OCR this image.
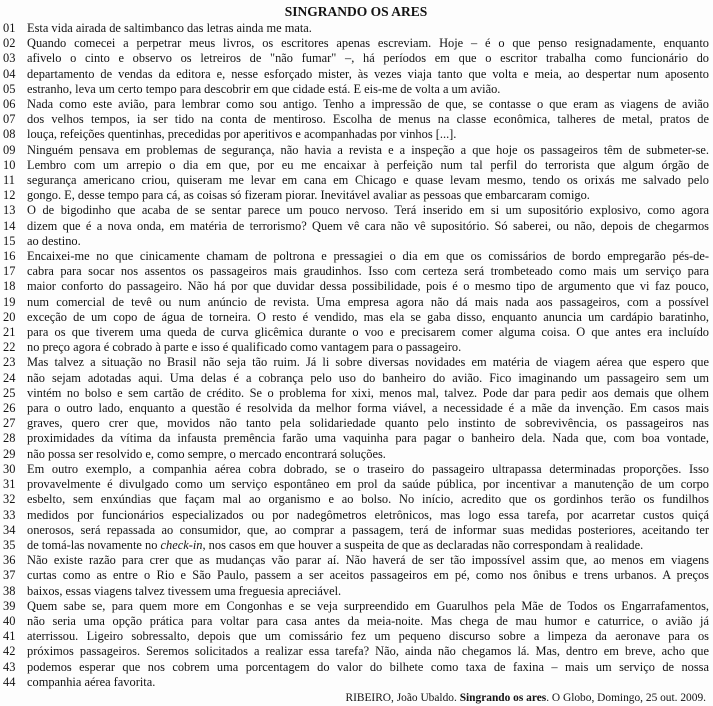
SINGRANDO OS ARES
01 Esta vida airada de saltimbanco das letras ainda me mata.
02 Quando comecei a perpetrar meus livros, os escritores apenas escreviam. Hoje – é o que penso resignadamente, enquanto
03 afivelo o cinto e observo os letreiros de "não fumar" –, há períodos em que o escritor trabalha como funcionário do
04 departamento de vendas da editora e, nesse esforçado mister, às vezes viaja tanto que volta e meia, ao despertar num aposento
05 estranho, leva um certo tempo para descobrir em que cidade está. E eis-me de volta a um avião.
06 Nada como este avião, para lembrar como sou antigo. Tenho a impressão de que, se contasse o que eram as viagens de avião
07 dos velhos tempos, ia ser tido na conta de mentiroso. Escolha de menus na classe econômica, talheres de metal, pratos de
08 louça, refeições quentinhas, precedidas por aperitivos e acompanhadas por vinhos [...].
09 Ninguém pensava em problemas de segurança, não havia a revista e a inspeção a que hoje os passageiros têm de submeter-se.
10 Lembro com um arrepio o dia em que, por eu me encaixar à perfeição num tal perfil do terrorista que algum órgão de
11 segurança americano criou, quiseram me levar em cana em Chicago e quase levam mesmo, tendo os orixás me salvado pelo
12 gongo. E, desse tempo para cá, as coisas só fizeram piorar. Inevitável avaliar as pessoas que embarcaram comigo.
13 O de bigodinho que acaba de se sentar parece um pouco nervoso. Terá inserido em si um supositório explosivo, como agora
14 dizem que é a nova onda, em matéria de terrorismo? Quem vê cara não vê supositório. Só saberei, ou não, depois de chegarmos
15 ao destino.
16 Encaixei-me no que cinicamente chamam de poltrona e pressagiei o dia em que os comissários de bordo empregarão pés-de-
17 cabra para socar nos assentos os passageiros mais graudinhos. Isso com certeza será trombeteado como mais um serviço para
18 maior conforto do passageiro. Não há por que duvidar dessa possibilidade, pois é o mesmo tipo de argumento que vi faz pouco,
19 num comercial de tevê ou num anúncio de revista. Uma empresa agora não dá mais nada aos passageiros, com a possível
20 exceção de um copo de água de torneira. O resto é vendido, mas ela se gaba disso, enquanto anuncia um cardápio baratinho,
21 para os que tiverem uma queda de curva glicêmica durante o voo e precisarem comer alguma coisa. O que antes era incluído
22 no preço agora é cobrado à parte e isso é qualificado como vantagem para o passageiro.
23 Mas talvez a situação no Brasil não seja tão ruim. Já li sobre diversas novidades em matéria de viagem aérea que espero que
24 não sejam adotadas aqui. Uma delas é a cobrança pelo uso do banheiro do avião. Fico imaginando um passageiro sem um
25 vintém no bolso e sem cartão de crédito. Se o problema for xixi, menos mal, talvez. Pode dar para pedir aos demais que olhem
26 para o outro lado, enquanto a questão é resolvida da melhor forma viável, a necessidade é a mãe da invenção. Em casos mais
27 graves, quero crer que, movidos não tanto pela solidariedade quanto pelo instinto de sobrevivência, os passageiros nas
28 proximidades da vítima da infausta premência farão uma vaquinha para pagar o banheiro dela. Nada que, com boa vontade,
29 não possa ser resolvido e, como sempre, o mercado encontrará soluções.
30 Em outro exemplo, a companhia aérea cobra dobrado, se o traseiro do passageiro ultrapassa determinadas proporções. Isso
31 provavelmente é divulgado como um serviço espontâneo em prol da saúde pública, por incentivar a manutenção de um corpo
32 esbelto, sem enxúndias que façam mal ao organismo e ao bolso. No início, acredito que os gordinhos terão os fundilhos
33 medidos por funcionários especializados ou por nadegômetros eletrônicos, mas logo essa tarefa, por acarretar custos quiçá
34 onerosos, será repassada ao consumidor, que, ao comprar a passagem, terá de informar suas medidas posteriores, aceitando ter
35 de tomá-las novamente no check-in, nos casos em que houver a suspeita de que as declaradas não correspondam à realidade.
36 Não existe razão para crer que as mudanças vão parar aí. Não haverá de ser tão impossível assim que, ao menos em viagens
37 curtas como as entre o Rio e São Paulo, passem a ser aceitos passageiros em pé, como nos ônibus e trens urbanos. A preços
38 baixos, essas viagens talvez tivessem uma freguesia apreciável.
39 Quem sabe se, para quem more em Congonhas e se veja surpreendido em Guarulhos pela Mãe de Todos os Engarrafamentos,
40 não seria uma opção prática para voltar para casa antes da meia-noite. Mas chega de mau humor e caturrice, o avião já
41 aterrissou. Ligeiro sobressalto, depois que um comissário fez um pequeno discurso sobre a limpeza da aeronave para os
42 próximos passageiros. Seremos solicitados a realizar essa tarefa? Não, ainda não chegamos lá. Mas, dentro em breve, acho que
43 podemos esperar que nos cobrem uma porcentagem do valor do bilhete como taxa de faxina – mais um serviço de nossa
44 companhia aérea favorita.
RIBEIRO, João Ubaldo. Singrando os ares. O Globo, Domingo, 25 out. 2009.
